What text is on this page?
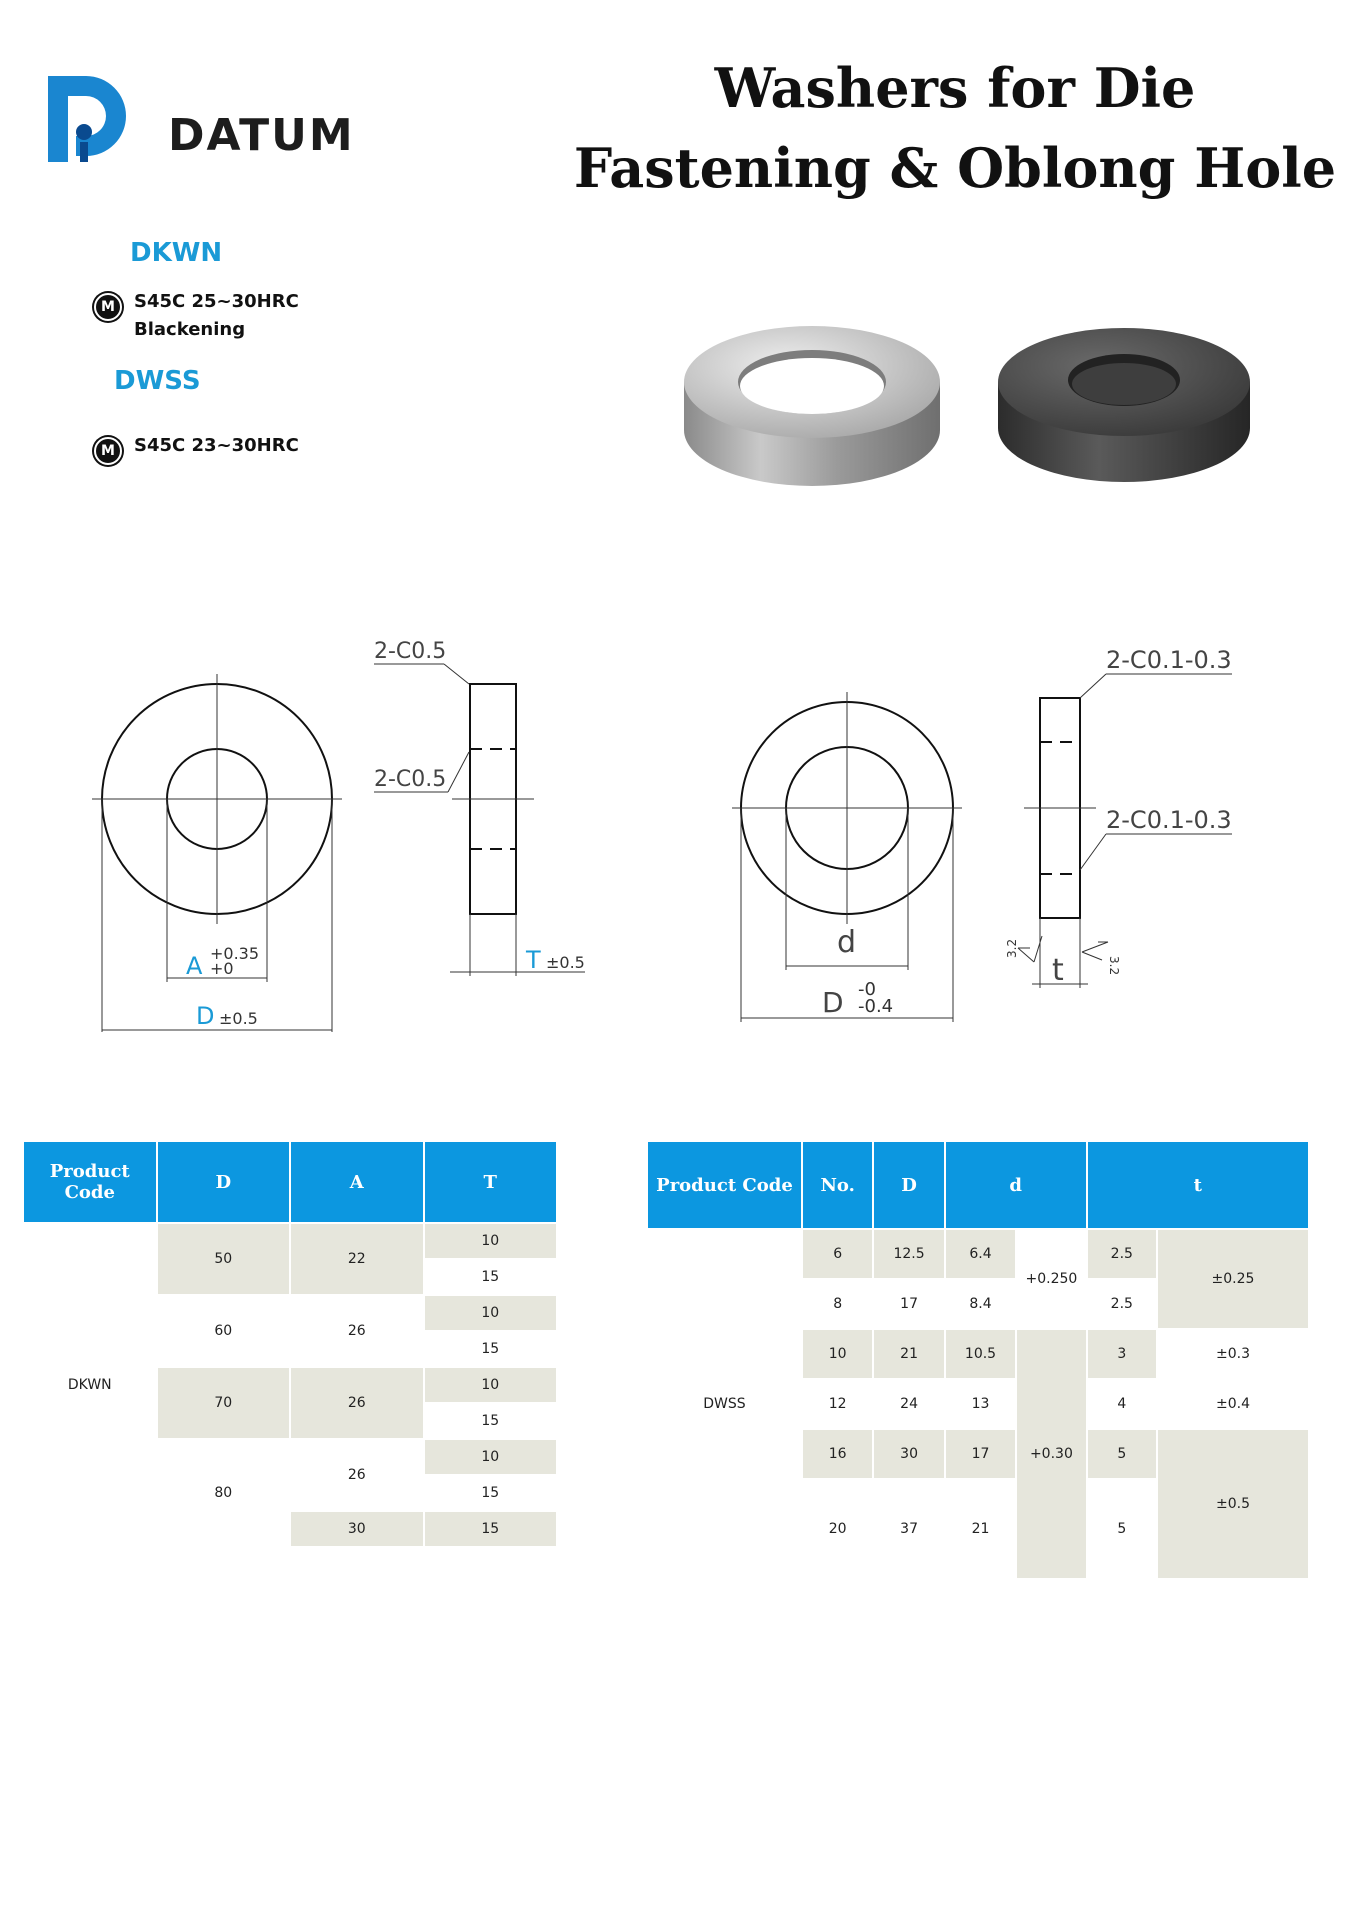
DATUM
Washers for Die
Fastening & Oblong Hole
DKWN
M	S45C 25~30HRC
Blackening
DWSS
M	S45C 23~30HRC
2-C0.5
2-C0.5
A +0.35
+0
D ±0.5
T ±0.5
2-C0.1-0.3
2-C0.1-0.3
d
D -0
-0.4
t
3.2
3.2
Product Code	D	A	T
DKWN	50	22	10
			15
	60	26	10
			15
	70	26	10
			15
	80	26	10
			15
		30	15
Product Code	No.	D	d		t	
DWSS	6	12.5	6.4	+0.250	2.5	±0.25
	8	17	8.4		2.5	
	10	21	10.5	+0.30	3	±0.3
	12	24	13		4	±0.4
	16	30	17		5	±0.5
	20	37	21		5	
